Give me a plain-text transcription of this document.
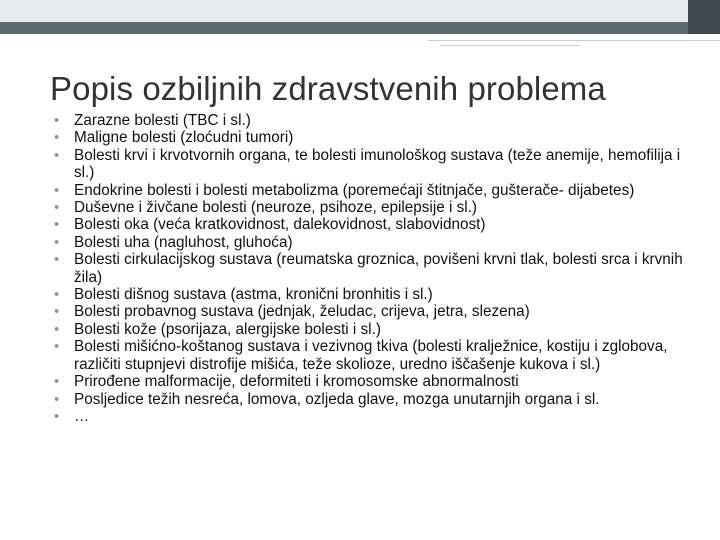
Popis ozbiljnih zdravstvenih problema
• Zarazne bolesti (TBC i sl.)
• Maligne bolesti (zloćudni tumori)
• Bolesti krvi i krvotvornih organa, te bolesti imunološkog sustava (teže anemije, hemofilija i sl.)
• Endokrine bolesti i bolesti metabolizma (poremećaji štitnjače, gušterače- dijabetes)
• Duševne i živčane bolesti (neuroze, psihoze, epilepsije i sl.)
• Bolesti oka (veća kratkovidnost, dalekovidnost, slabovidnost)
• Bolesti uha (nagluhost, gluhoća)
• Bolesti cirkulacijskog sustava (reumatska groznica, povišeni krvni tlak, bolesti srca i krvnih žila)
• Bolesti dišnog sustava (astma, kronični bronhitis i sl.)
• Bolesti probavnog sustava (jednjak, želudac, crijeva, jetra, slezena)
• Bolesti kože (psorijaza, alergijske bolesti i sl.)
• Bolesti mišićno-koštanog sustava i vezivnog tkiva (bolesti kralježnice, kostiju i zglobova, različiti stupnjevi distrofije mišića, teže skolioze, uredno iščašenje kukova i sl.)
• Prirođene malformacije, deformiteti i kromosomske abnormalnosti
• Posljedice težih nesreća, lomova, ozljeda glave, mozga unutarnjih organa i sl.
• …
